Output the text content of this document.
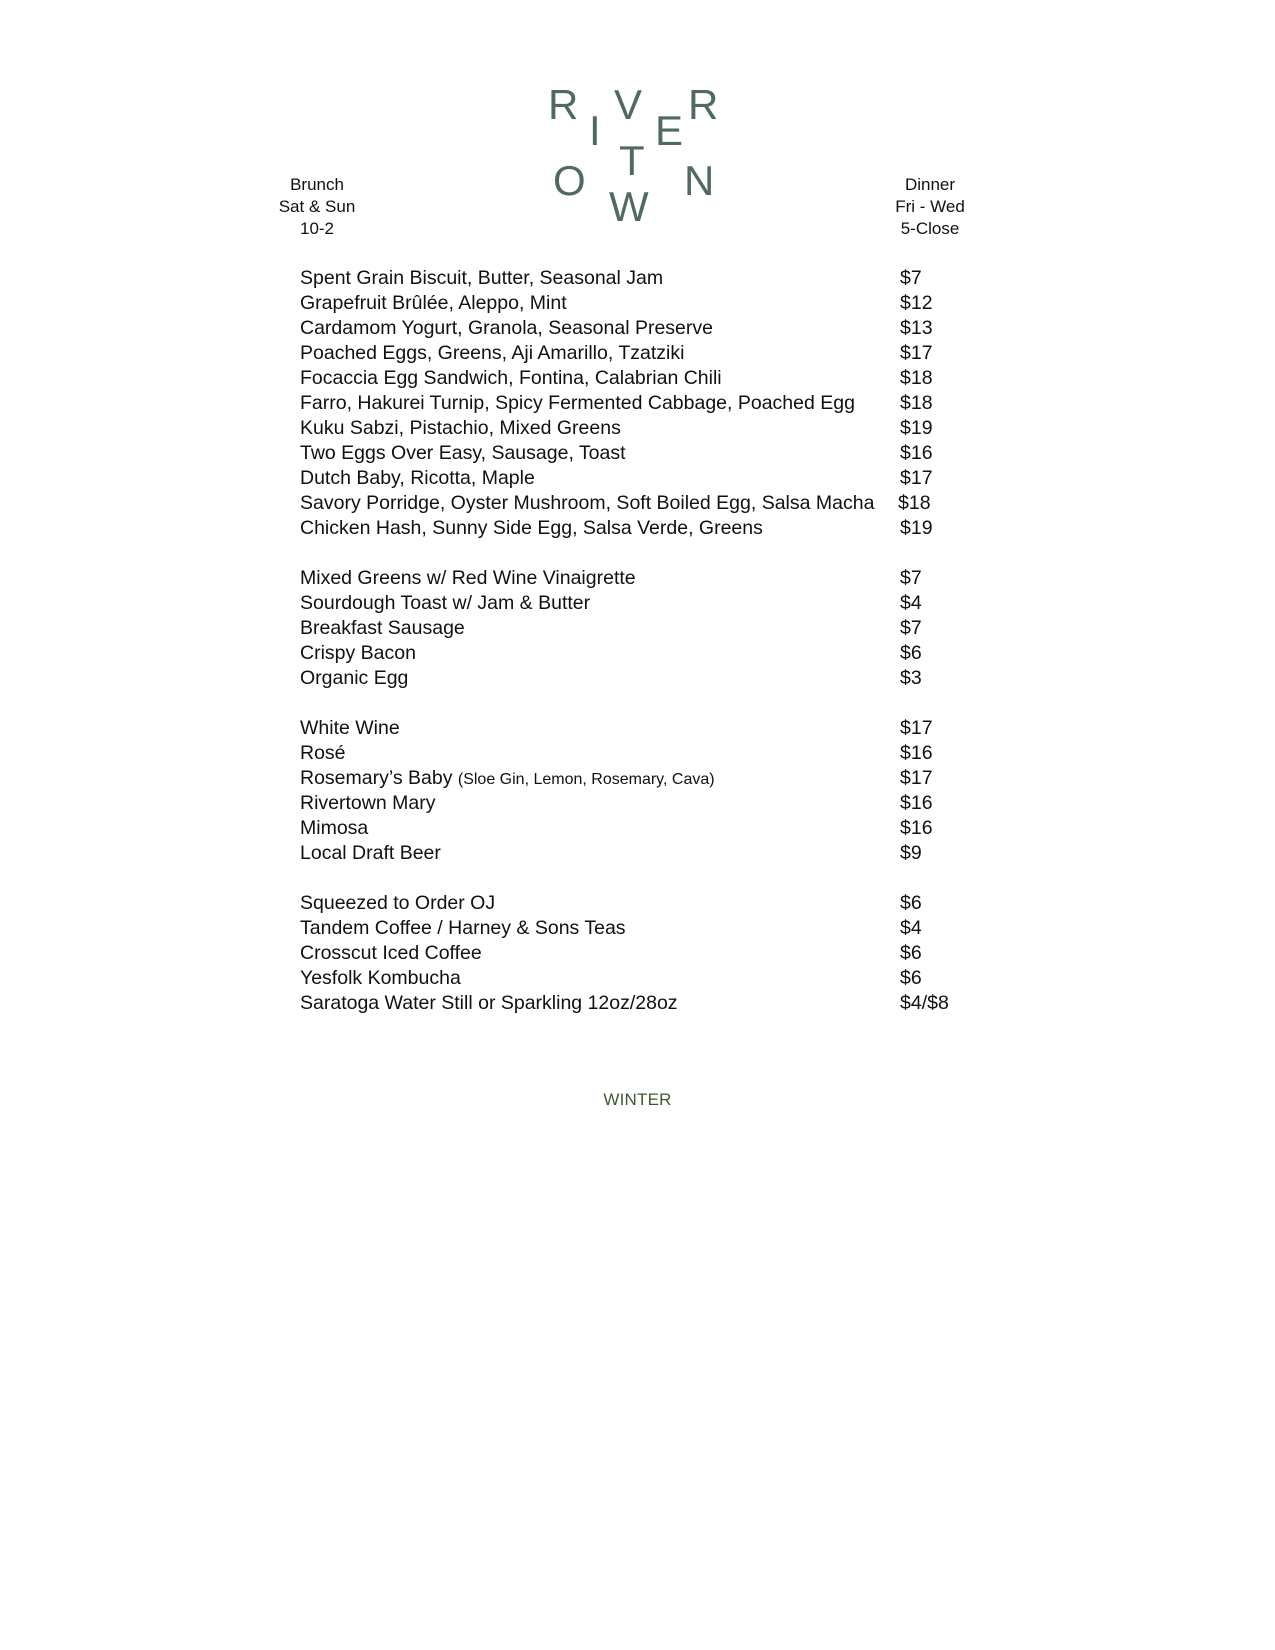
R
I
V
E
R
T
O N
W
Brunch
Sat & Sun
10-2
Dinner
Fri - Wed
5-Close
Spent Grain Biscuit, Butter, Seasonal Jam	$7
Grapefruit Brûlée, Aleppo, Mint	$12
Cardamom Yogurt, Granola, Seasonal Preserve	$13
Poached Eggs, Greens, Aji Amarillo, Tzatziki	$17
Focaccia Egg Sandwich, Fontina, Calabrian Chili	$18
Farro, Hakurei Turnip, Spicy Fermented Cabbage, Poached Egg $18
Kuku Sabzi, Pistachio, Mixed Greens	$19
Two Eggs Over Easy, Sausage, Toast	$16
Dutch Baby, Ricotta, Maple	$17
Savory Porridge, Oyster Mushroom, Soft Boiled Egg, Salsa Macha $18
Chicken Hash, Sunny Side Egg, Salsa Verde, Greens	$19
Mixed Greens w/ Red Wine Vinaigrette	$7
Sourdough Toast w/ Jam & Butter	$4
Breakfast Sausage	$7
Crispy Bacon	$6
Organic Egg	$3
White Wine	$17
Rosé	$16
Rosemary’s Baby (Sloe Gin, Lemon, Rosemary, Cava)	$17
Rivertown Mary	$16
Mimosa	$16
Local Draft Beer	$9
Squeezed to Order OJ	$6
Tandem Coffee / Harney & Sons Teas	$4
Crosscut Iced Coffee	$6
Yesfolk Kombucha	$6
Saratoga Water Still or Sparkling 12oz/28oz	$4/$8
WINTER
